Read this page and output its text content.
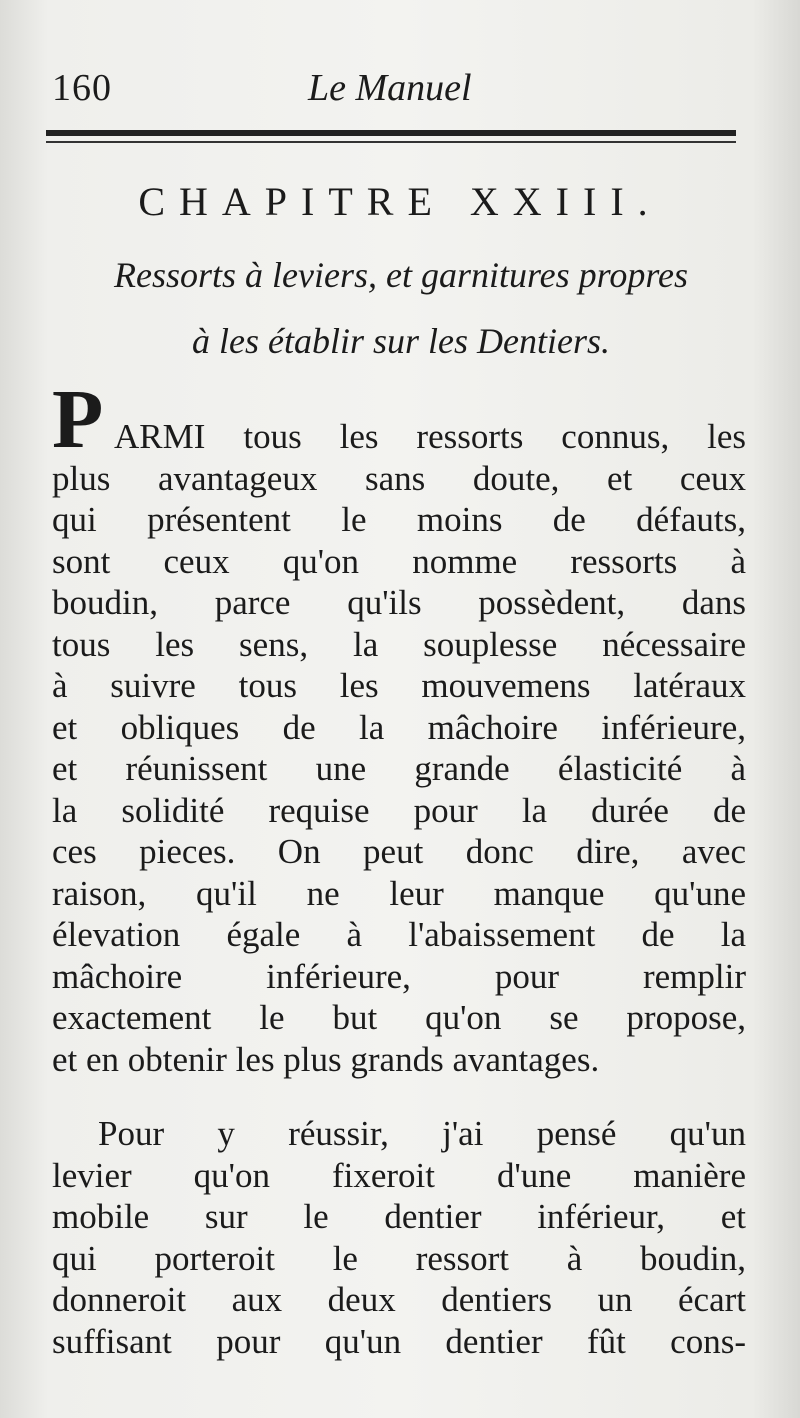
160	Le Manuel
CHAPITRE XXIII.
Ressorts à leviers, et garnitures propres
à les établir sur les Dentiers.
P ARMI tous les ressorts connus, les
plus avantageux sans doute, et ceux
qui présentent le moins de défauts,
sont ceux qu'on nomme ressorts à
boudin, parce qu'ils possèdent, dans
tous les sens, la souplesse nécessaire
à suivre tous les mouvemens latéraux
et obliques de la mâchoire inférieure,
et réunissent une grande élasticité à
la solidité requise pour la durée de
ces pieces. On peut donc dire, avec
raison, qu'il ne leur manque qu'une
élevation égale à l'abaissement de la
mâchoire inférieure, pour remplir
exactement le but qu'on se propose,
et en obtenir les plus grands avantages.
Pour y réussir, j'ai pensé qu'un
levier qu'on fixeroit d'une manière
mobile sur le dentier inférieur, et
qui porteroit le ressort à boudin,
donneroit aux deux dentiers un écart
suffisant pour qu'un dentier fût cons-
